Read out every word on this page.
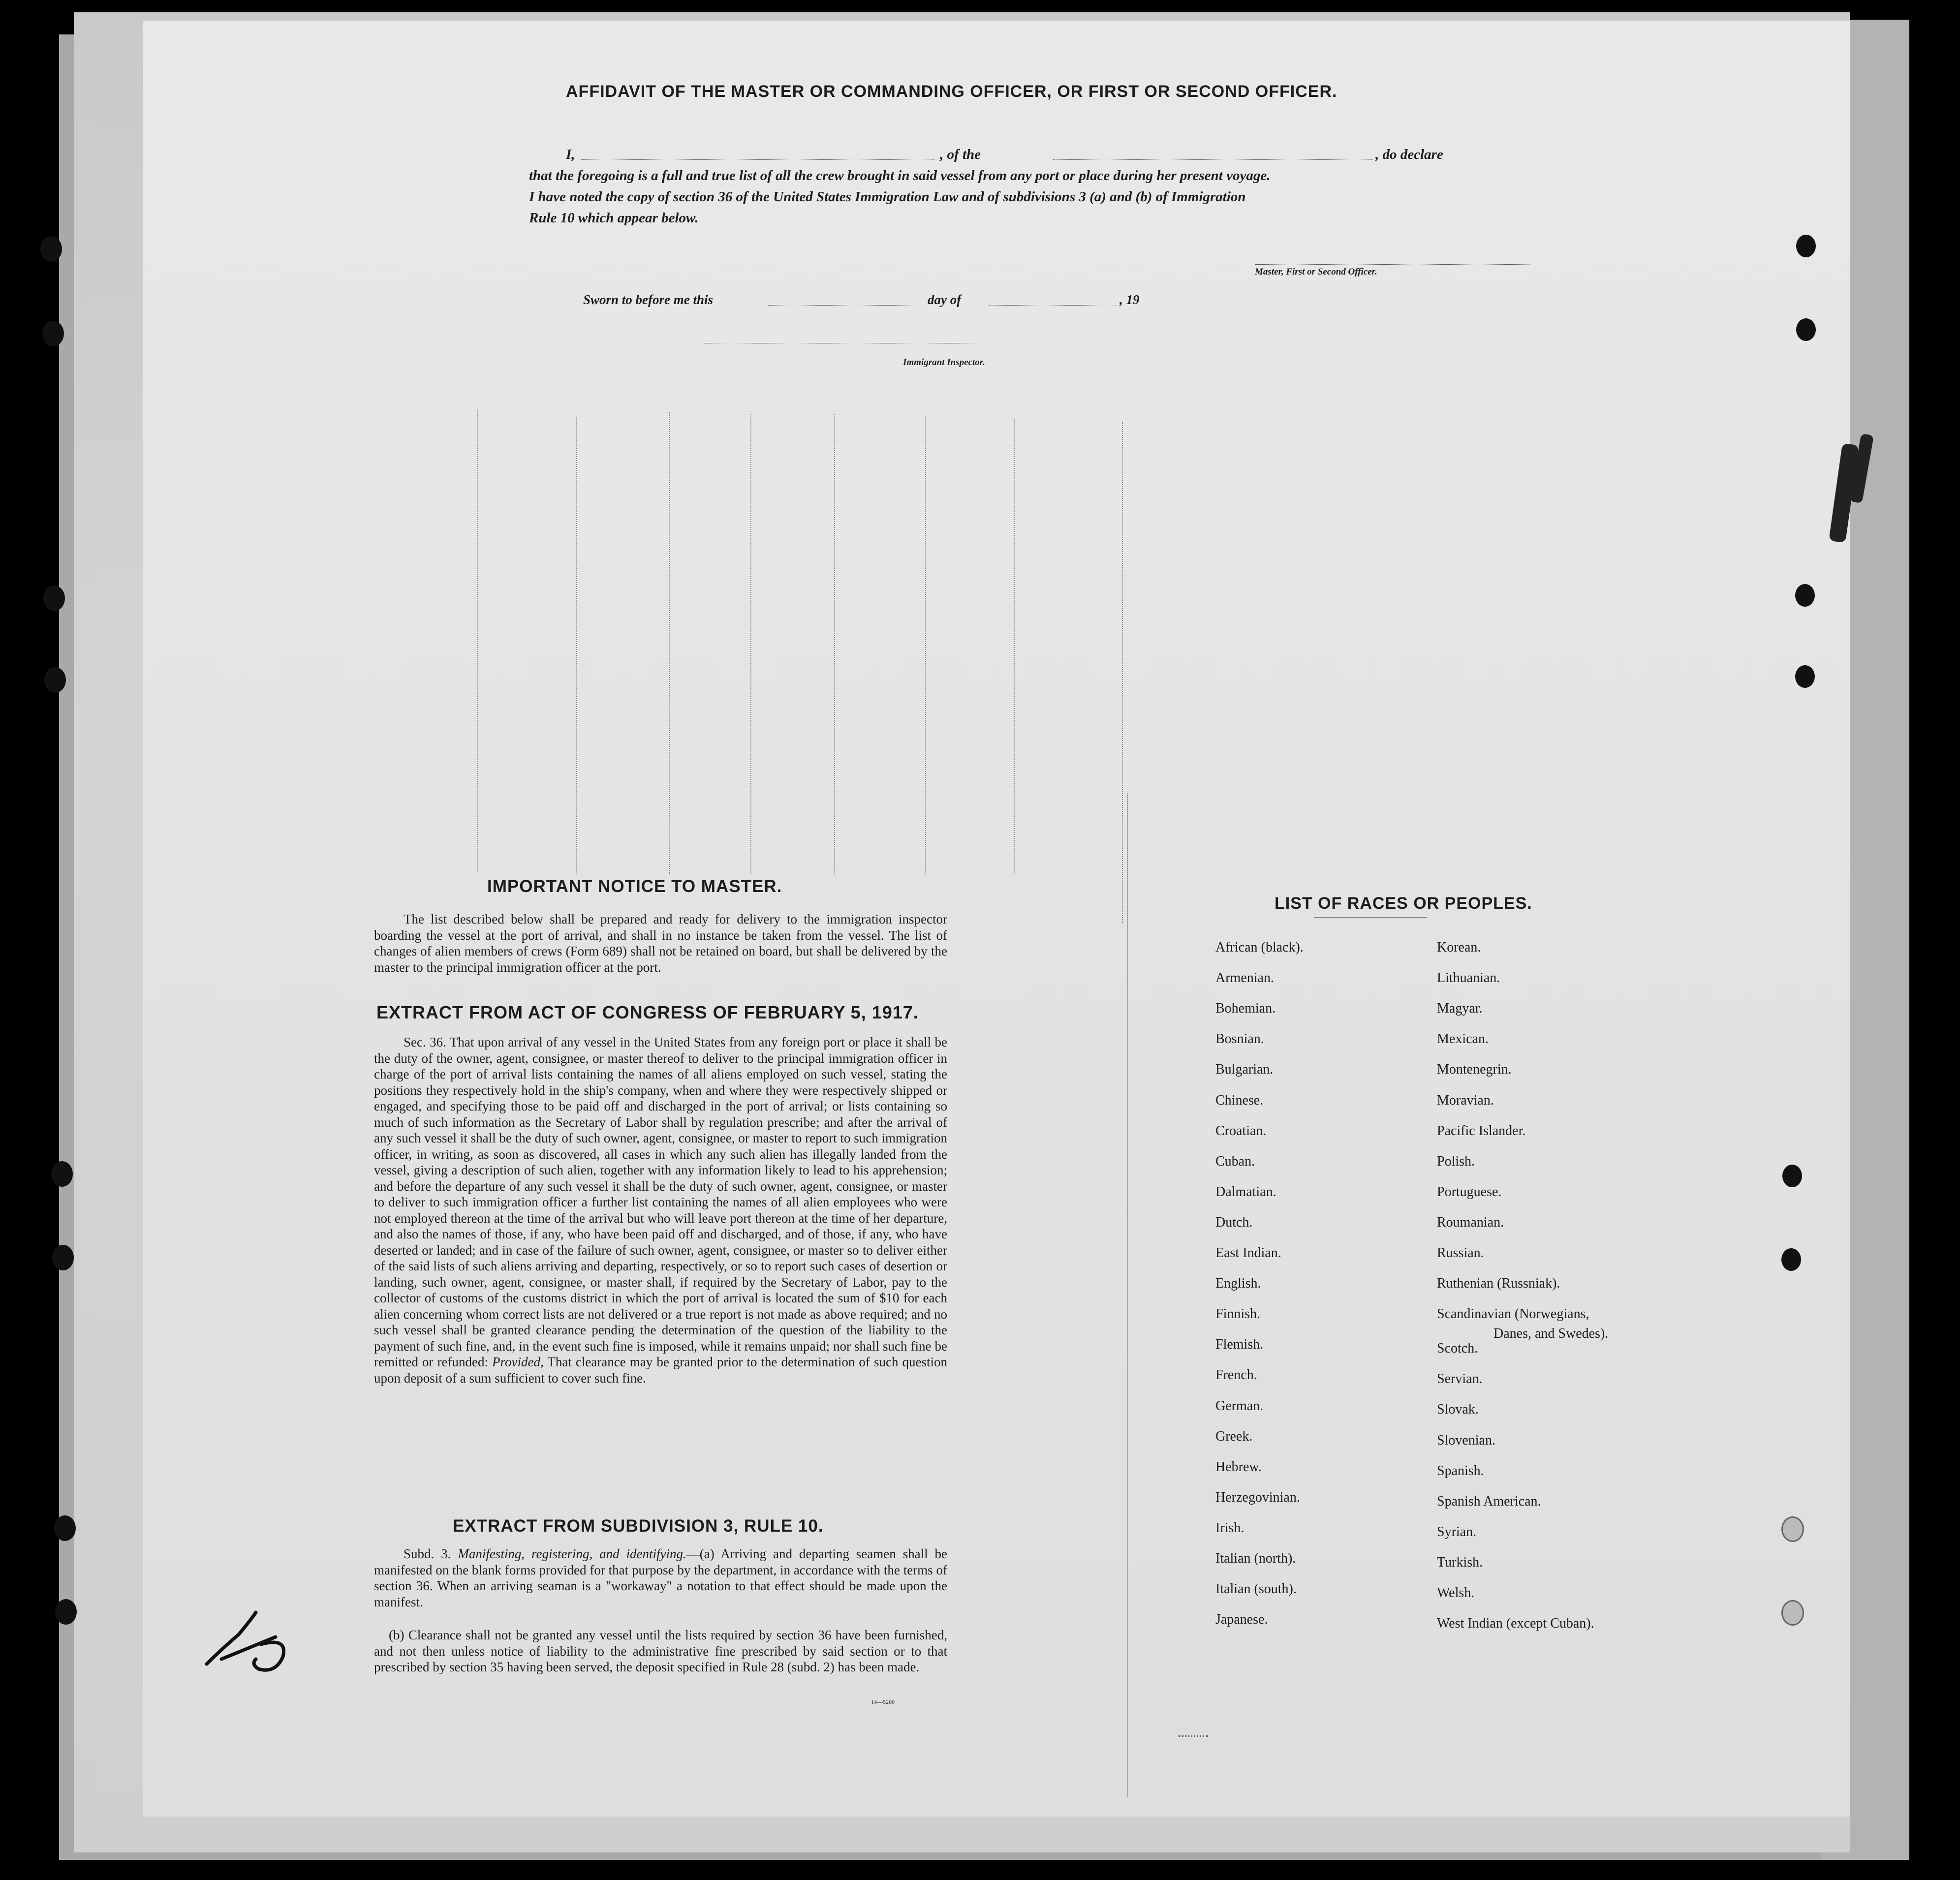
AFFIDAVIT OF THE MASTER OR COMMANDING OFFICER, OR FIRST OR SECOND OFFICER.
I,	, of the	, do declare
that the foregoing is a full and true list of all the crew brought in said vessel from any port or place during her present voyage.
I have noted the copy of section 36 of the United States Immigration Law and of subdivisions 3 (a) and (b) of Immigration
Rule 10 which appear below.
Master, First or Second Officer.
Sworn to before me this	day of	, 19
Immigrant Inspector.
IMPORTANT NOTICE TO MASTER.
The list described below shall be prepared and ready for delivery to the immigration inspector boarding the vessel at the port of arrival, and shall in no instance be taken from the vessel. The list of changes of alien members of crews (Form 689) shall not be retained on board, but shall be delivered by the master to the principal immigration officer at the port.
EXTRACT FROM ACT OF CONGRESS OF FEBRUARY 5, 1917.
Sec. 36. That upon arrival of any vessel in the United States from any foreign port or place it shall be the duty of the owner, agent, consignee, or master thereof to deliver to the principal immigration officer in charge of the port of arrival lists containing the names of all aliens employed on such vessel, stating the positions they respectively hold in the ship's company, when and where they were respectively shipped or engaged, and specifying those to be paid off and discharged in the port of arrival; or lists containing so much of such information as the Secretary of Labor shall by regulation prescribe; and after the arrival of any such vessel it shall be the duty of such owner, agent, consignee, or master to report to such immigration officer, in writing, as soon as discovered, all cases in which any such alien has illegally landed from the vessel, giving a description of such alien, together with any information likely to lead to his apprehension; and before the departure of any such vessel it shall be the duty of such owner, agent, consignee, or master to deliver to such immigration officer a further list containing the names of all alien employees who were not employed thereon at the time of the arrival but who will leave port thereon at the time of her departure, and also the names of those, if any, who have been paid off and discharged, and of those, if any, who have deserted or landed; and in case of the failure of such owner, agent, consignee, or master so to deliver either of the said lists of such aliens arriving and departing, respectively, or so to report such cases of desertion or landing, such owner, agent, consignee, or master shall, if required by the Secretary of Labor, pay to the collector of customs of the customs district in which the port of arrival is located the sum of $10 for each alien concerning whom correct lists are not delivered or a true report is not made as above required; and no such vessel shall be granted clearance pending the determination of the question of the liability to the payment of such fine, and, in the event such fine is imposed, while it remains unpaid; nor shall such fine be remitted or refunded: Provided, That clearance may be granted prior to the determination of such question upon deposit of a sum sufficient to cover such fine.
EXTRACT FROM SUBDIVISION 3, RULE 10.
Subd. 3. Manifesting, registering, and identifying.—(a) Arriving and departing seamen shall be manifested on the blank forms provided for that purpose by the department, in accordance with the terms of section 36. When an arriving seaman is a "workaway" a notation to that effect should be made upon the manifest.
(b) Clearance shall not be granted any vessel until the lists required by section 36 have been furnished, and not then unless notice of liability to the administrative fine prescribed by said section or to that prescribed by section 35 having been served, the deposit specified in Rule 28 (subd. 2) has been made.
14—5260
LIST OF RACES OR PEOPLES.
African (black).
Armenian.
Bohemian.
Bosnian.
Bulgarian.
Chinese.
Croatian.
Cuban.
Dalmatian.
Dutch.
East Indian.
English.
Finnish.
Flemish.
French.
German.
Greek.
Hebrew.
Herzegovinian.
Irish.
Italian (north).
Italian (south).
Japanese.
Korean.
Lithuanian.
Magyar.
Mexican.
Montenegrin.
Moravian.
Pacific Islander.
Polish.
Portuguese.
Roumanian.
Russian.
Ruthenian (Russniak).
Scandinavian (Norwegians,
Danes, and Swedes).
Scotch.
Servian.
Slovak.
Slovenian.
Spanish.
Spanish American.
Syrian.
Turkish.
Welsh.
West Indian (except Cuban).
